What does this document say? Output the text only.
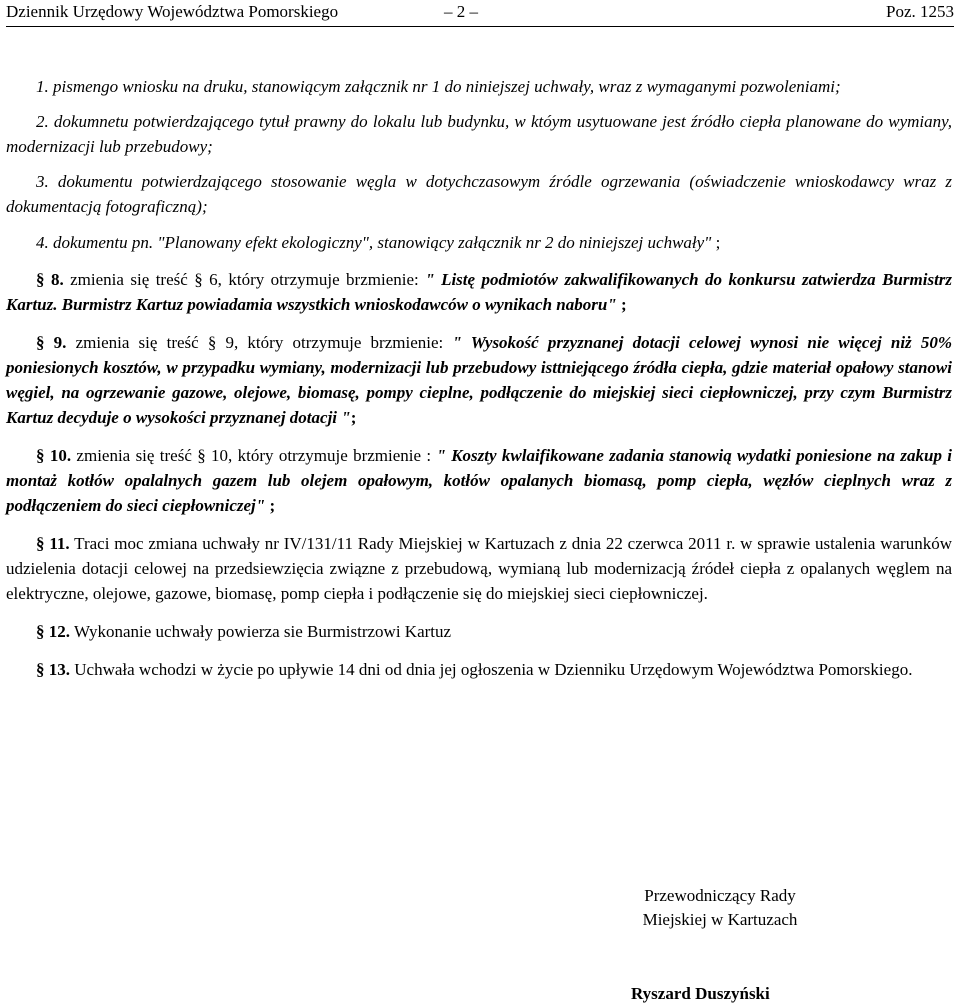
Dziennik Urzędowy Województwa Pomorskiego	– 2 –	Poz. 1253

1. pismengo wniosku na druku, stanowiącym załącznik nr 1 do niniejszej uchwały, wraz z wymaganymi pozwoleniami;

2. dokumnetu potwierdzającego tytuł prawny do lokalu lub budynku, w któym usytuowane jest źródło ciepła planowane do wymiany, modernizacji lub przebudowy;

3. dokumentu potwierdzającego stosowanie węgla w dotychczasowym źródle ogrzewania (oświadczenie wnioskodawcy wraz z dokumentacją fotograficzną);

4. dokumentu pn. "Planowany efekt ekologiczny", stanowiący załącznik nr 2 do niniejszej uchwały" ;

§ 8. zmienia się treść § 6, który otrzymuje brzmienie: " Listę podmiotów zakwalifikowanych do konkursu zatwierdza Burmistrz Kartuz. Burmistrz Kartuz powiadamia wszystkich wnioskodawców o wynikach naboru" ;

§ 9. zmienia się treść § 9, który otrzymuje brzmienie: " Wysokość przyznanej dotacji celowej wynosi nie więcej niż 50% poniesionych kosztów, w przypadku wymiany, modernizacji lub przebudowy isttniejącego źródła ciepła, gdzie materiał opałowy stanowi węgiel, na ogrzewanie gazowe, olejowe, biomasę, pompy cieplne, podłączenie do miejskiej sieci ciepłowniczej, przy czym Burmistrz Kartuz decyduje o wysokości przyznanej dotacji ";

§ 10. zmienia się treść § 10, który otrzymuje brzmienie : " Koszty kwlaifikowane zadania stanowią wydatki poniesione na zakup i montaż kotłów opalalnych gazem lub olejem opałowym, kotłów opalanych biomasą, pomp ciepła, węzłów cieplnych wraz z podłączeniem do sieci ciepłowniczej" ;

§ 11. Traci moc zmiana uchwały nr IV/131/11 Rady Miejskiej w Kartuzach z dnia 22 czerwca 2011 r. w sprawie ustalenia warunków udzielenia dotacji celowej na przedsiewzięcia związne z przebudową, wymianą lub modernizacją źródeł ciepła z opalanych węglem na elektryczne, olejowe, gazowe, biomasę, pomp ciepła i podłączenie się do miejskiej sieci ciepłowniczej.

§ 12. Wykonanie uchwały powierza sie Burmistrzowi Kartuz

§ 13. Uchwała wchodzi w życie po upływie 14 dni od dnia jej ogłoszenia w Dzienniku Urzędowym Województwa Pomorskiego.

Przewodniczący Rady
Miejskiej w Kartuzach
Ryszard Duszyński
